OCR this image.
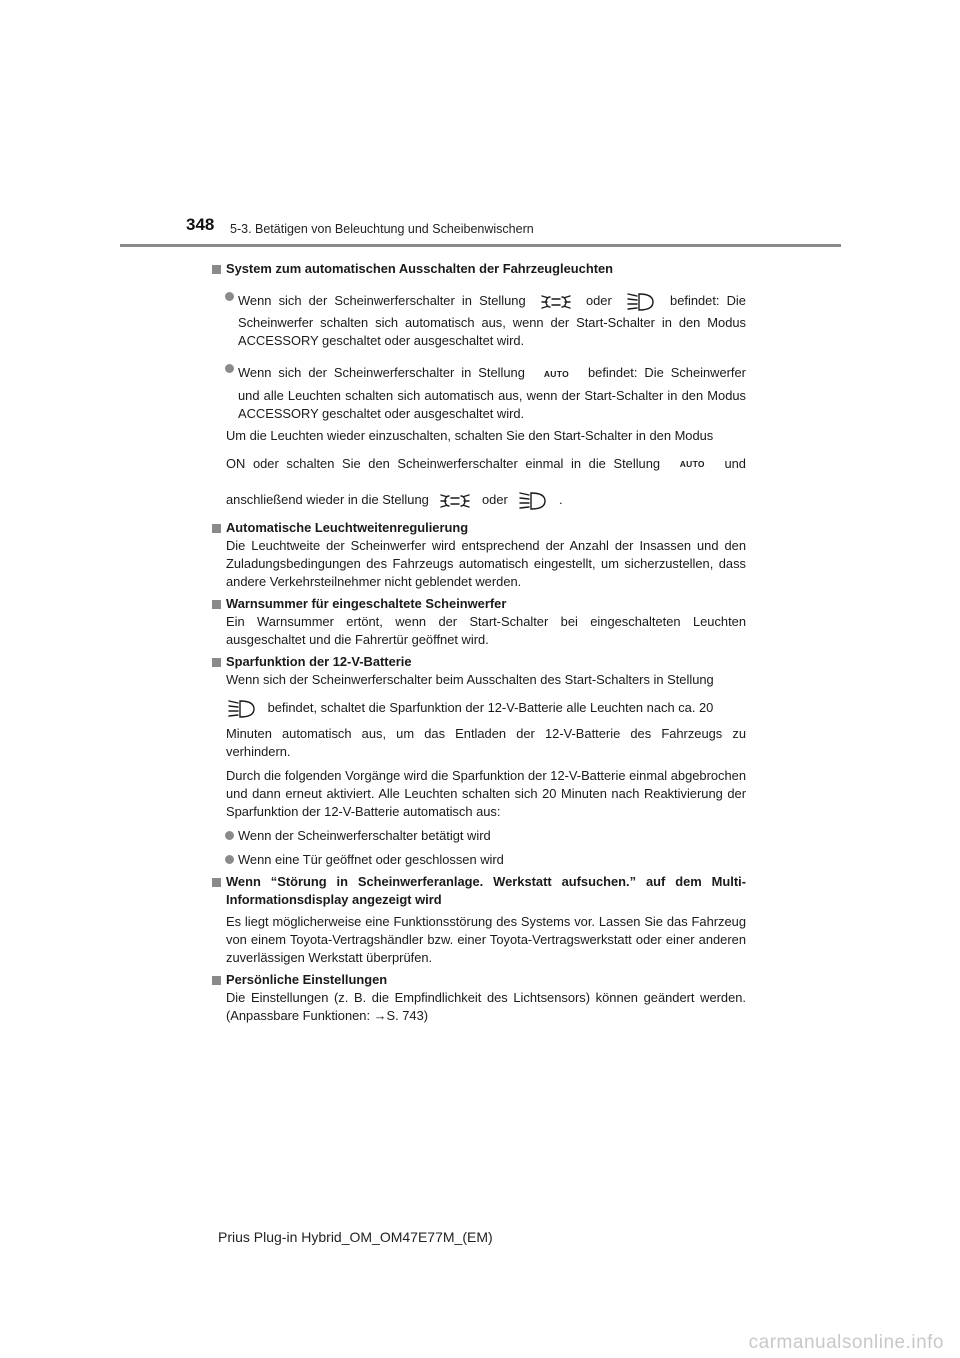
348 5-3. Betätigen von Beleuchtung und Scheibenwischern
System zum automatischen Ausschalten der Fahrzeugleuchten
Wenn sich der Scheinwerferschalter in Stellung	oder	befindet: Die
Scheinwerfer schalten sich automatisch aus, wenn der Start-Schalter in den Modus ACCESSORY geschaltet oder ausgeschaltet wird.
Wenn sich der Scheinwerferschalter in Stellung AUTO befindet: Die Scheinwerfer
und alle Leuchten schalten sich automatisch aus, wenn der Start-Schalter in den Modus ACCESSORY geschaltet oder ausgeschaltet wird.
Um die Leuchten wieder einzuschalten, schalten Sie den Start-Schalter in den Modus
ON oder schalten Sie den Scheinwerferschalter einmal in die Stellung AUTO und
anschließend wieder in die Stellung	oder	.
Automatische Leuchtweitenregulierung
Die Leuchtweite der Scheinwerfer wird entsprechend der Anzahl der Insassen und den Zuladungsbedingungen des Fahrzeugs automatisch eingestellt, um sicherzustellen, dass andere Verkehrsteilnehmer nicht geblendet werden.
Warnsummer für eingeschaltete Scheinwerfer
Ein Warnsummer ertönt, wenn der Start-Schalter bei eingeschalteten Leuchten ausgeschaltet und die Fahrertür geöffnet wird.
Sparfunktion der 12-V-Batterie
Wenn sich der Scheinwerferschalter beim Ausschalten des Start-Schalters in Stellung
befindet, schaltet die Sparfunktion der 12-V-Batterie alle Leuchten nach ca. 20
Minuten automatisch aus, um das Entladen der 12-V-Batterie des Fahrzeugs zu verhindern.
Durch die folgenden Vorgänge wird die Sparfunktion der 12-V-Batterie einmal abgebrochen und dann erneut aktiviert. Alle Leuchten schalten sich 20 Minuten nach Reaktivierung der Sparfunktion der 12-V-Batterie automatisch aus:
Wenn der Scheinwerferschalter betätigt wird
Wenn eine Tür geöffnet oder geschlossen wird
Wenn “Störung in Scheinwerferanlage. Werkstatt aufsuchen.” auf dem Multi-Informationsdisplay angezeigt wird
Es liegt möglicherweise eine Funktionsstörung des Systems vor. Lassen Sie das Fahrzeug von einem Toyota-Vertragshändler bzw. einer Toyota-Vertragswerkstatt oder einer anderen zuverlässigen Werkstatt überprüfen.
Persönliche Einstellungen
Die Einstellungen (z. B. die Empfindlichkeit des Lichtsensors) können geändert werden. (Anpassbare Funktionen: →S. 743)
Prius Plug-in Hybrid_OM_OM47E77M_(EM)
carmanualsonline.info
